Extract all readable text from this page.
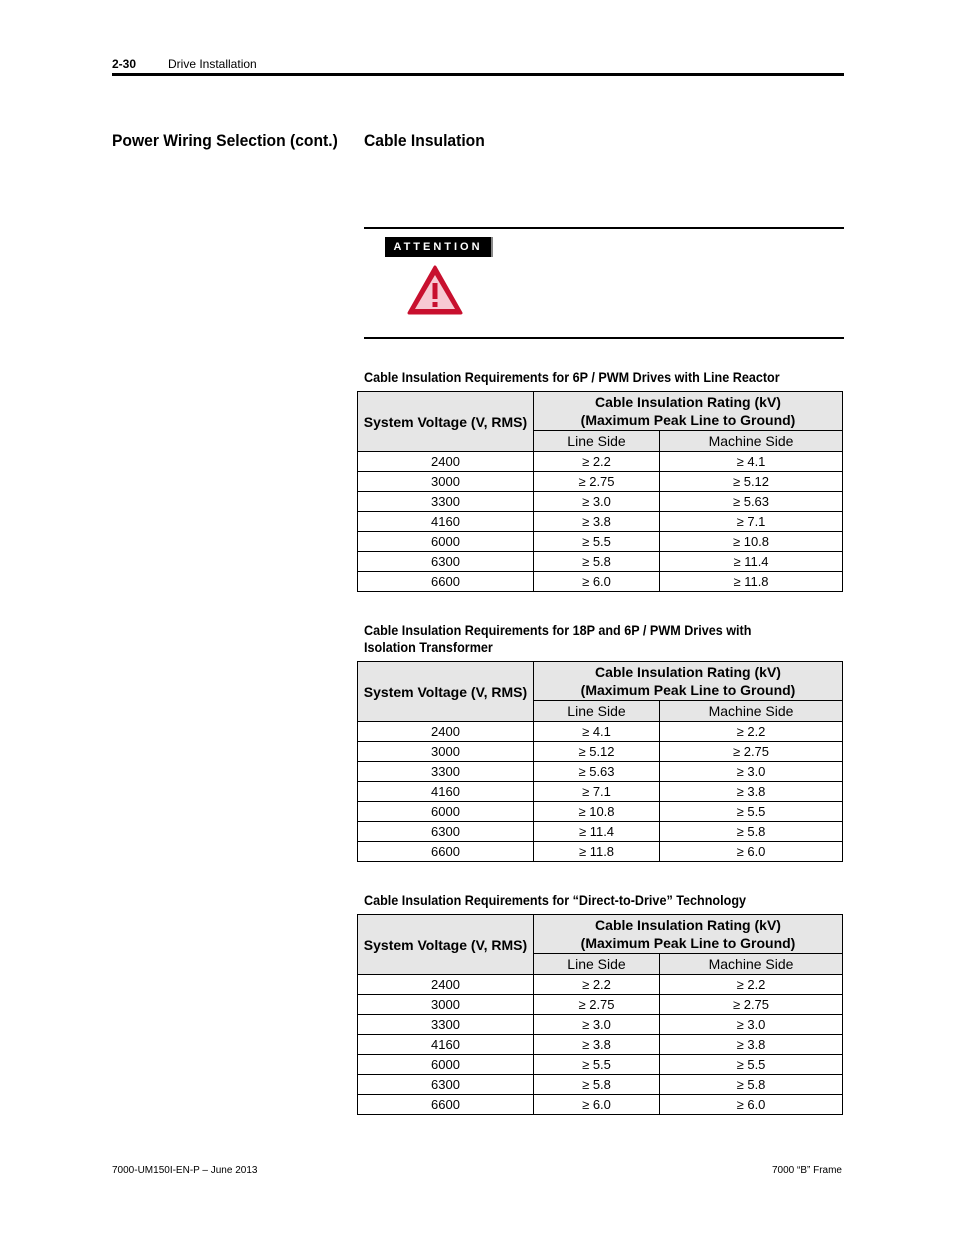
2-30	Drive Installation
Power Wiring Selection (cont.) Cable Insulation
ATTENTION
Cable Insulation Requirements for 6P / PWM Drives with Line Reactor
System Voltage (V, RMS)	Cable Insulation Rating (kV)
(Maximum Peak Line to Ground)	

	Line Side	Machine Side
2400	≥ 2.2	≥ 4.1
3000	≥ 2.75	≥ 5.12
3300	≥ 3.0	≥ 5.63
4160	≥ 3.8	≥ 7.1
6000	≥ 5.5	≥ 10.8
6300	≥ 5.8	≥ 11.4
6600	≥ 6.0	≥ 11.8
Cable Insulation Requirements for 18P and 6P / PWM Drives with Isolation Transformer
System Voltage (V, RMS)	Cable Insulation Rating (kV)
(Maximum Peak Line to Ground)	

	Line Side	Machine Side
2400	≥ 4.1	≥ 2.2
3000	≥ 5.12	≥ 2.75
3300	≥ 5.63	≥ 3.0
4160	≥ 7.1	≥ 3.8
6000	≥ 10.8	≥ 5.5
6300	≥ 11.4	≥ 5.8
6600	≥ 11.8	≥ 6.0
Cable Insulation Requirements for “Direct-to-Drive” Technology
System Voltage (V, RMS)	Cable Insulation Rating (kV)
(Maximum Peak Line to Ground)	

	Line Side	Machine Side
2400	≥ 2.2	≥ 2.2
3000	≥ 2.75	≥ 2.75
3300	≥ 3.0	≥ 3.0
4160	≥ 3.8	≥ 3.8
6000	≥ 5.5	≥ 5.5
6300	≥ 5.8	≥ 5.8
6600	≥ 6.0	≥ 6.0
7000-UM150I-EN-P – June 2013	7000 “B” Frame
